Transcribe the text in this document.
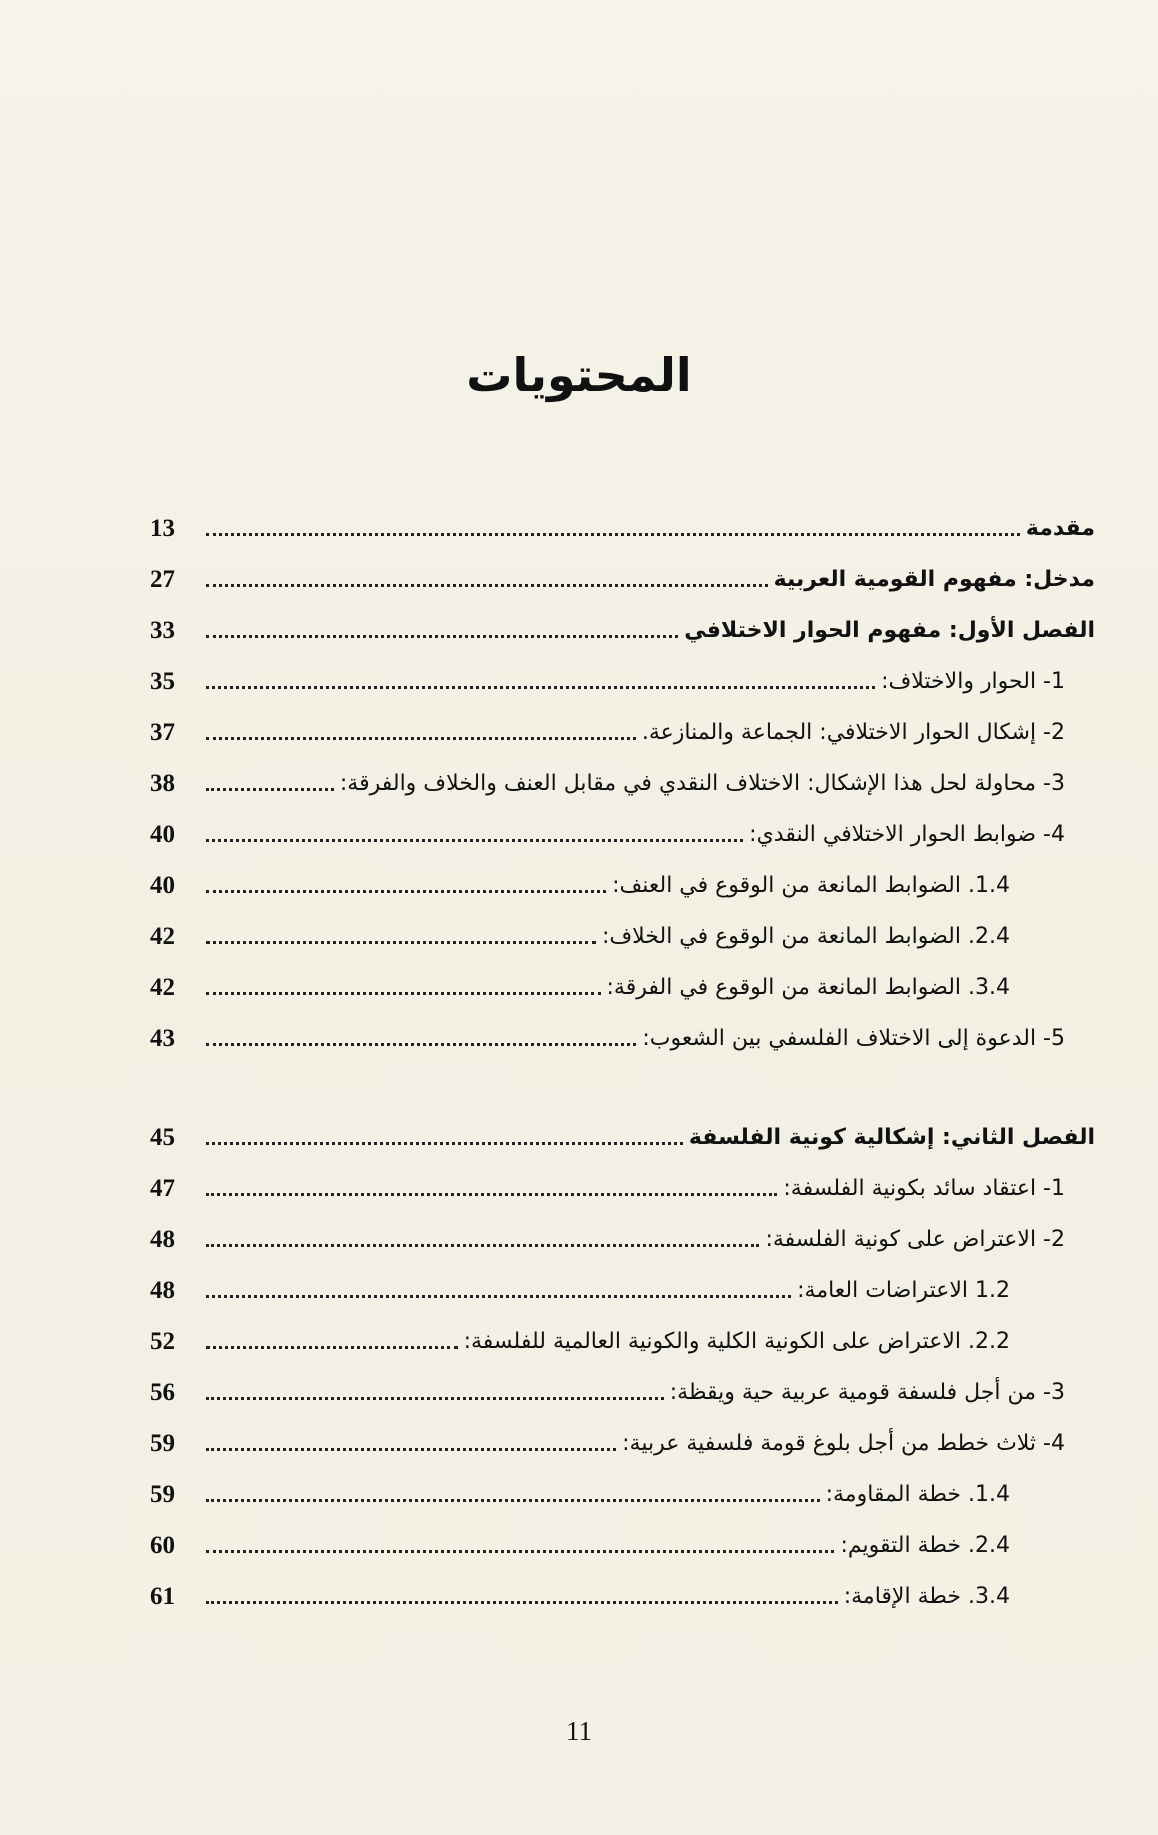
المحتويات
13	مقدمة
27	مدخل: مفهوم القومية العربية
33	الفصل الأول: مفهوم الحوار الاختلافي
35	1- الحوار والاختلاف:
37	2- إشكال الحوار الاختلافي: الجماعة والمنازعة.
38	3- محاولة لحل هذا الإشكال: الاختلاف النقدي في مقابل العنف والخلاف والفرقة:
40	4- ضوابط الحوار الاختلافي النقدي:
40	1.4. الضوابط المانعة من الوقوع في العنف:
42	2.4. الضوابط المانعة من الوقوع في الخلاف:
42	3.4. الضوابط المانعة من الوقوع في الفرقة:
43	5- الدعوة إلى الاختلاف الفلسفي بين الشعوب:
45	الفصل الثاني: إشكالية كونية الفلسفة
47	1- اعتقاد سائد بكونية الفلسفة:
48	2- الاعتراض على كونية الفلسفة:
48	1.2 الاعتراضات العامة:
52	2.2. الاعتراض على الكونية الكلية والكونية العالمية للفلسفة:
56	3- من أجل فلسفة قومية عربية حية ويقظة:
59	4- ثلاث خطط من أجل بلوغ قومة فلسفية عربية:
59	1.4. خطة المقاومة:
60	2.4. خطة التقويم:
61	3.4. خطة الإقامة:
11
